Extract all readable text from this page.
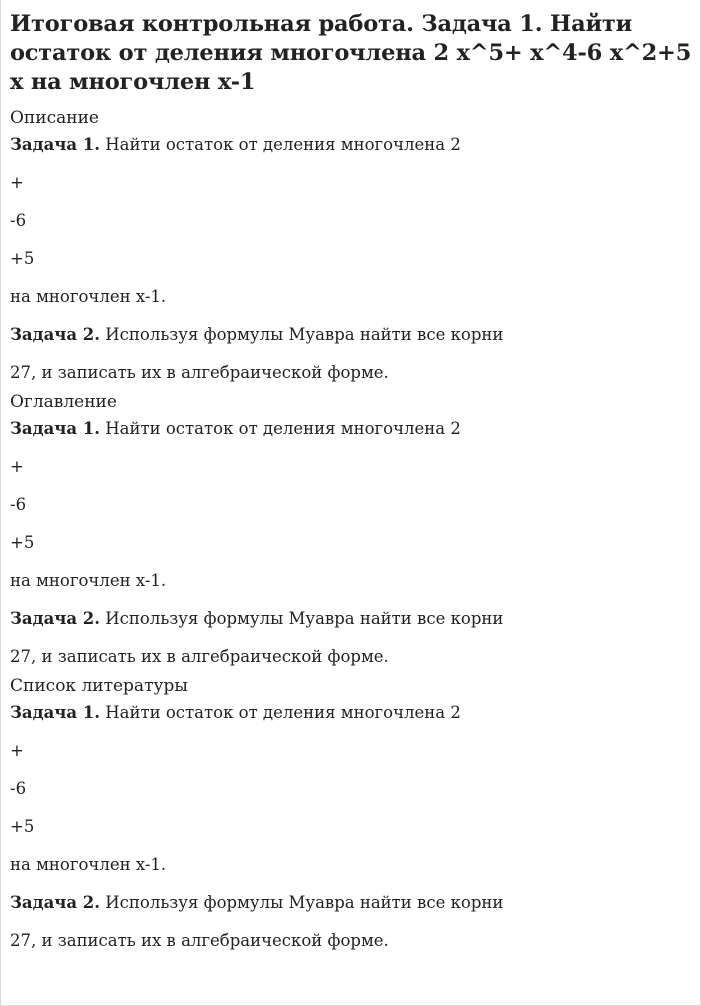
Итоговая контрольная работа. Задача 1. Найти остаток от деления многочлена 2 x^5+ x^4-6 x^2+5 x на многочлен x-1
Описание

Задача 1. Найти остаток от деления многочлена 2

+

-6

+5

на многочлен x-1.

Задача 2. Используя формулы Муавра найти все корни

27, и записать их в алгебраической форме.

Оглавление

Задача 1. Найти остаток от деления многочлена 2

+

-6

+5

на многочлен x-1.

Задача 2. Используя формулы Муавра найти все корни

27, и записать их в алгебраической форме.

Список литературы

Задача 1. Найти остаток от деления многочлена 2

+

-6

+5

на многочлен x-1.

Задача 2. Используя формулы Муавра найти все корни

27, и записать их в алгебраической форме.
